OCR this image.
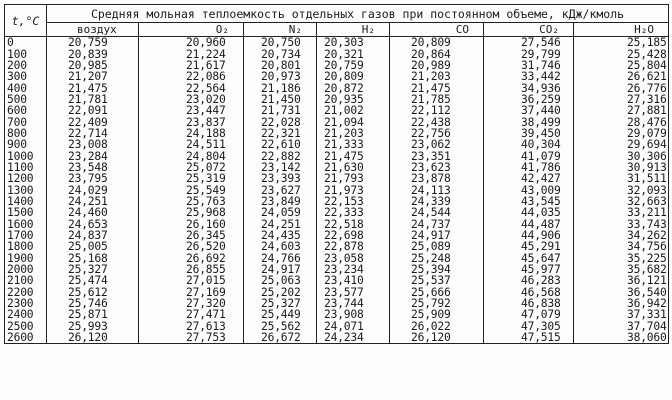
t,°C	Средняя мольная теплоемкость отдельных газов при постоянном объеме, кДж/кмоль						
	воздух	O₂	N₂	H₂	CO	CO₂	H₂O
0	20,759	20,960	20,750	20,303	20,809	27,546	25,185
100	20,839	21,224	20,734	20,321	20,864	29,799	25,428
200	20,985	21,617	20,801	20,759	20,989	31,746	25,804
300	21,207	22,086	20,973	20,809	21,203	33,442	26,621
400	21,475	22,564	21,186	20,872	21,475	34,936	26,776
500	21,781	23,020	21,450	20,935	21,785	36,259	27,316
600	22,091	23,447	21,731	21,002	22,112	37,440	27,881
700	22,409	23,837	22,028	21,094	22,438	38,499	28,476
800	22,714	24,188	22,321	21,203	22,756	39,450	29,079
900	23,008	24,511	22,610	21,333	23,062	40,304	29,694
1000	23,284	24,804	22,882	21,475	23,351	41,079	30,306
1100	23,548	25,072	23,142	21,630	23,623	41,786	30,913
1200	23,795	25,319	23,393	21,793	23,878	42,427	31,511
1300	24,029	25,549	23,627	21,973	24,113	43,009	32,093
1400	24,251	25,763	23,849	22,153	24,339	43,545	32,663
1500	24,460	25,968	24,059	22,333	24,544	44,035	33,211
1600	24,653	26,160	24,251	22,518	24,737	44,487	33,743
1700	24,837	26,345	24,435	22,698	24,917	44,906	34,262
1800	25,005	26,520	24,603	22,878	25,089	45,291	34,756
1900	25,168	26,692	24,766	23,058	25,248	45,647	35,225
2000	25,327	26,855	24,917	23,234	25,394	45,977	35,682
2100	25,474	27,015	25,063	23,410	25,537	46,283	36,121
2200	25,612	27,169	25,202	23,577	25,666	46,568	36,540
2300	25,746	27,320	25,327	23,744	25,792	46,838	36,942
2400	25,871	27,471	25,449	23,908	25,909	47,079	37,331
2500	25,993	27,613	25,562	24,071	26,022	47,305	37,704
2600	26,120	27,753	26,672	24,234	26,120	47,515	38,060
